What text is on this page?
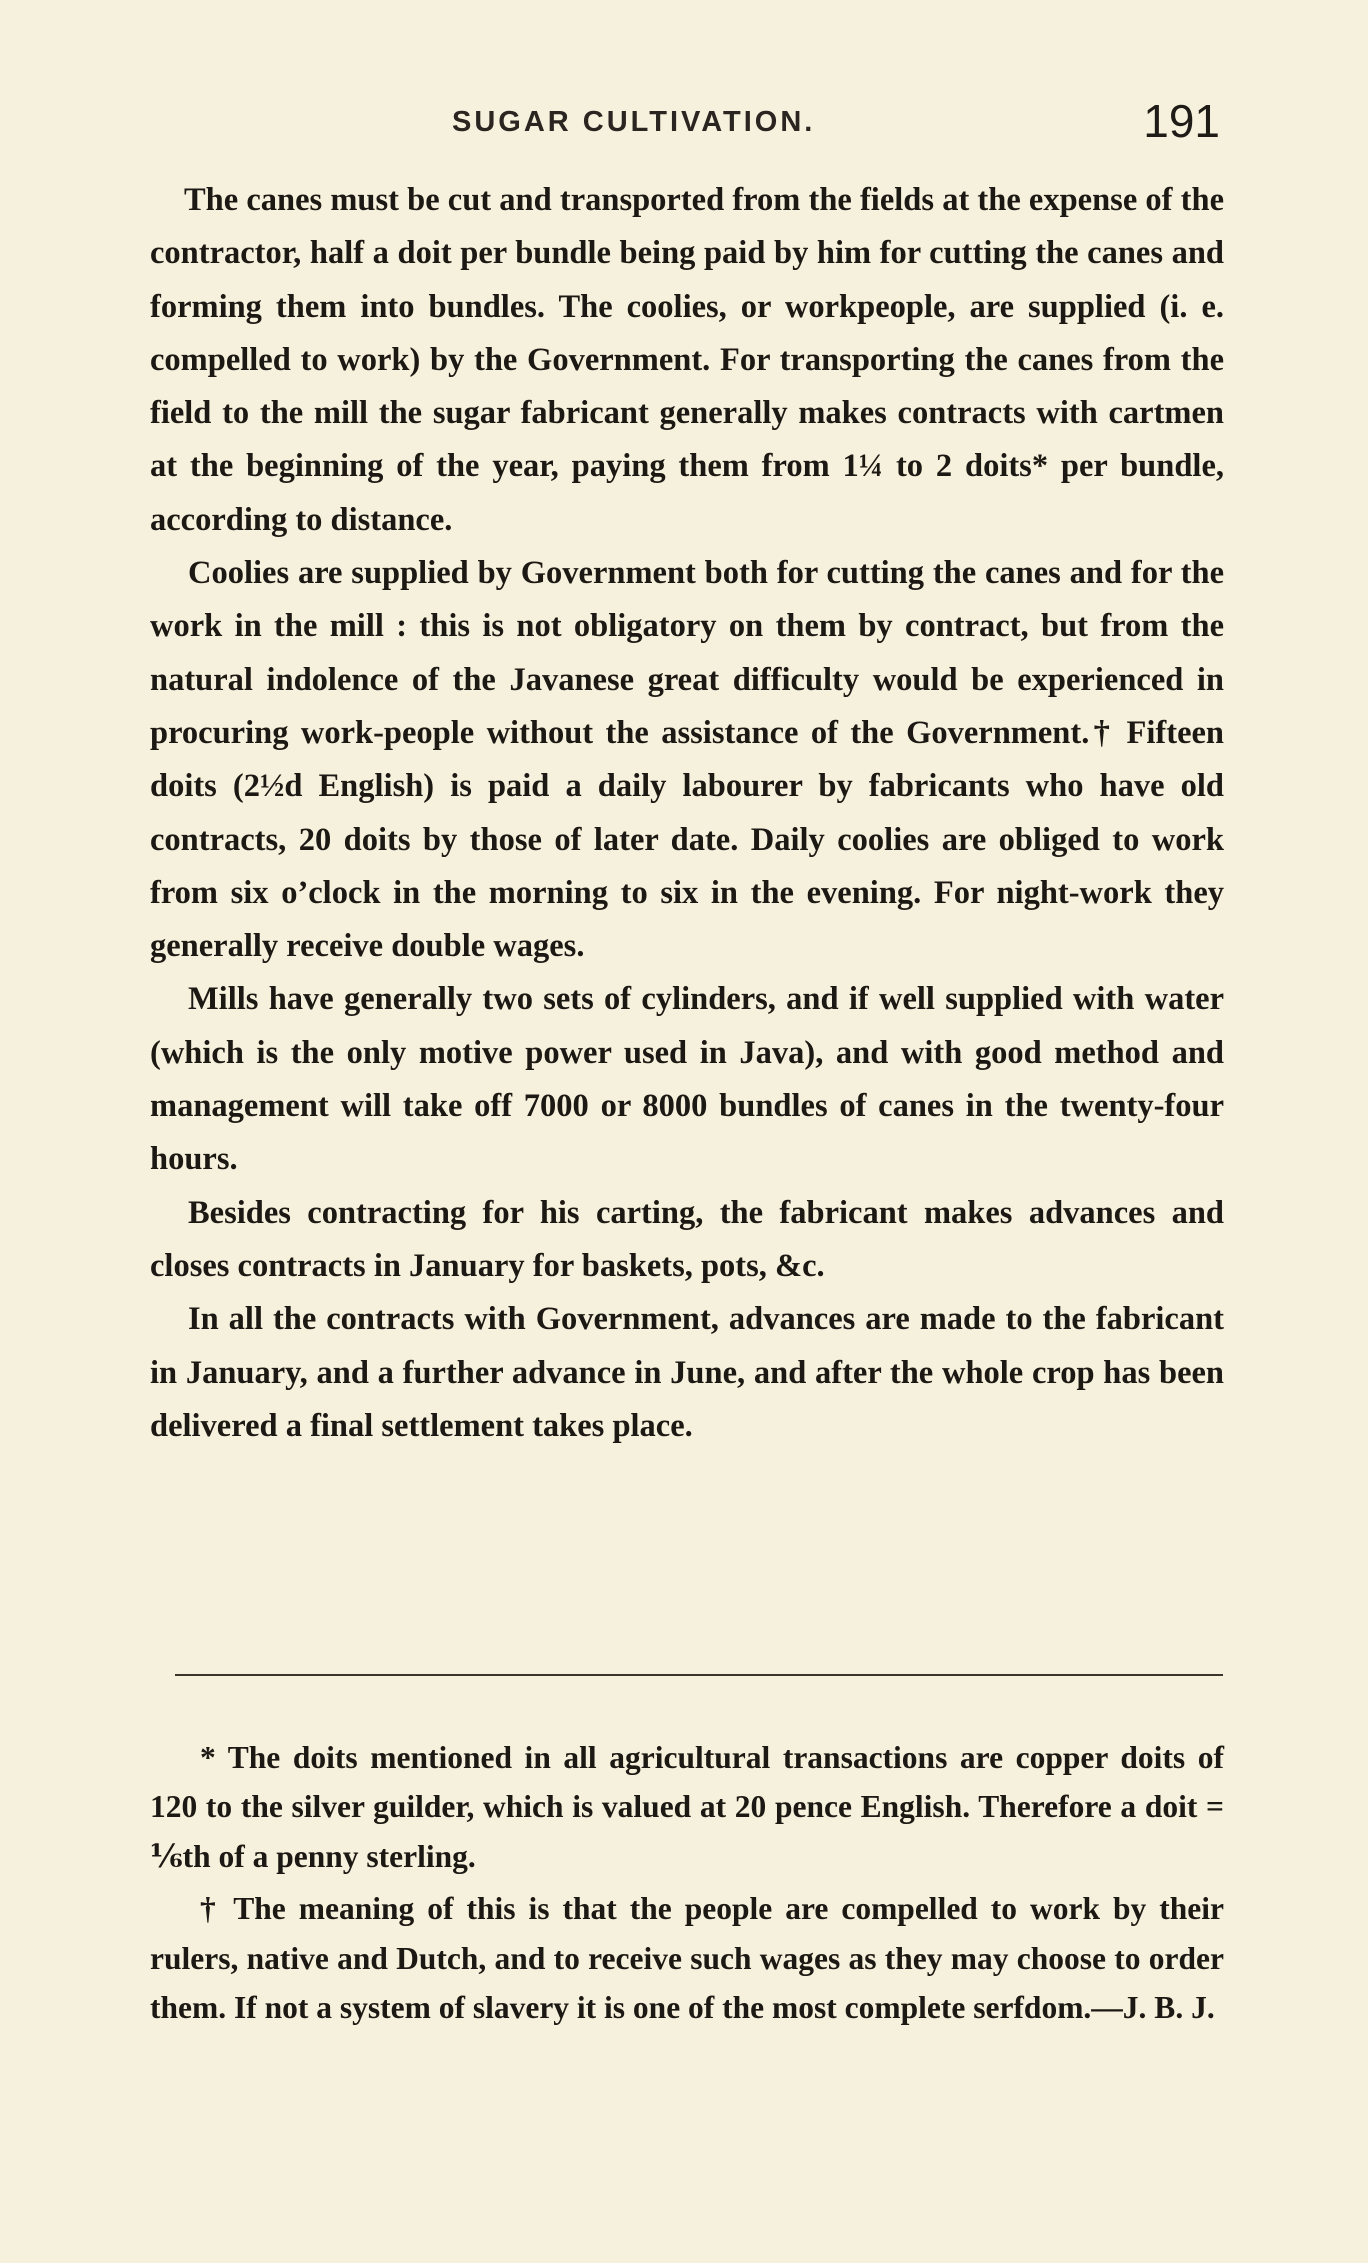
SUGAR CULTIVATION.	191

The canes must be cut and transported from the fields at the expense of the contractor, half a doit per bundle being paid by him for cutting the canes and forming them into bundles. The coolies, or workpeople, are supplied (i. e. compelled to work) by the Government. For transporting the canes from the field to the mill the sugar fabricant generally makes contracts with cartmen at the beginning of the year, paying them from 1¼ to 2 doits* per bundle, according to distance.

Coolies are supplied by Government both for cutting the canes and for the work in the mill : this is not obligatory on them by contract, but from the natural indolence of the Javanese great difficulty would be experienced in procuring work-people without the assistance of the Government.† Fifteen doits (2½d English) is paid a daily labourer by fabricants who have old contracts, 20 doits by those of later date. Daily coolies are obliged to work from six o’clock in the morning to six in the evening. For night-work they generally receive double wages.

Mills have generally two sets of cylinders, and if well supplied with water (which is the only motive power used in Java), and with good method and management will take off 7000 or 8000 bundles of canes in the twenty-four hours.

Besides contracting for his carting, the fabricant makes advances and closes contracts in January for baskets, pots, &c.

In all the contracts with Government, advances are made to the fabricant in January, and a further advance in June, and after the whole crop has been delivered a final settlement takes place.

* The doits mentioned in all agricultural transactions are copper doits of 120 to the silver guilder, which is valued at 20 pence English. Therefore a doit = ⅙th of a penny sterling.

† The meaning of this is that the people are compelled to work by their rulers, native and Dutch, and to receive such wages as they may choose to order them. If not a system of slavery it is one of the most complete serfdom.—J. B. J.
